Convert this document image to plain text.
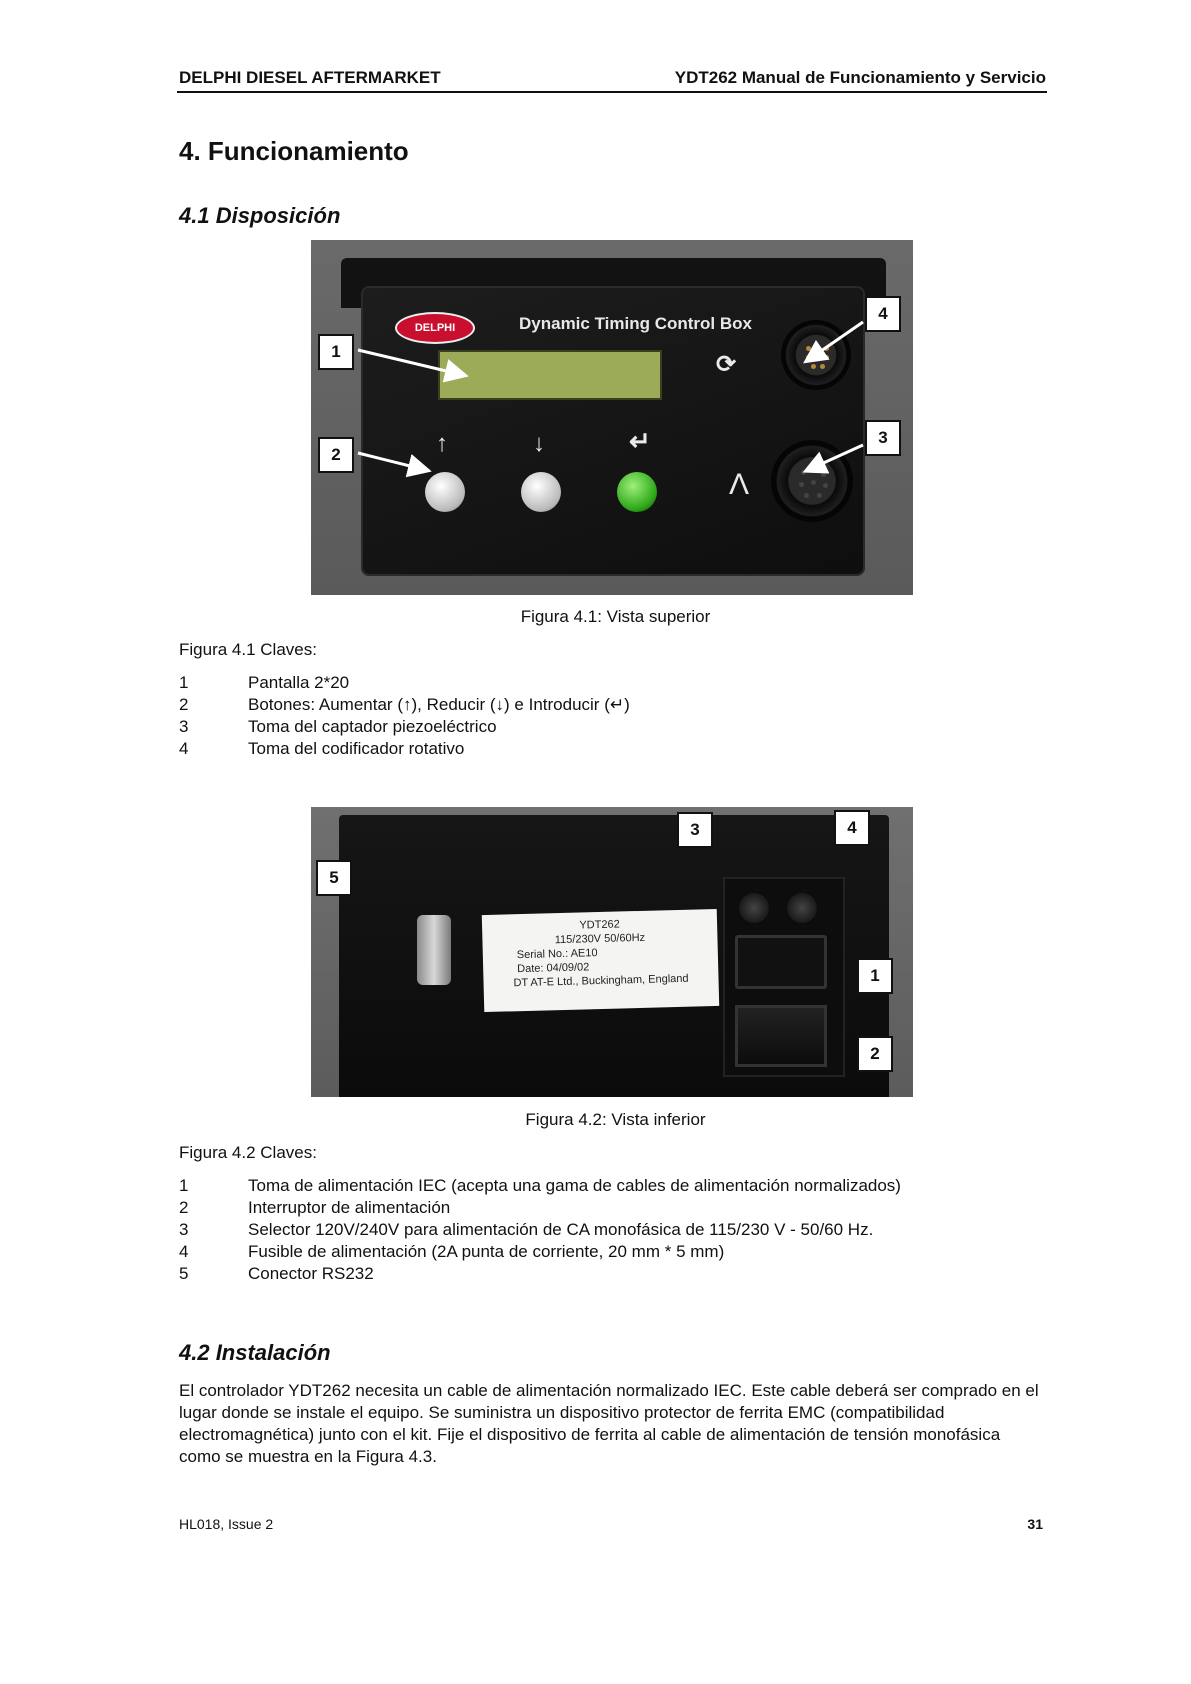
DELPHI DIESEL AFTERMARKET	YDT262 Manual de Funcionamiento y Servicio
4. Funcionamiento
4.1 Disposición
DELPHI	Dynamic Timing Control Box
↑	↓	↵
⟳
Λ
1
2
3
4
Figura 4.1: Vista superior
Figura 4.1 Claves:
1	Pantalla 2*20
2	Botones: Aumentar (↑), Reducir (↓) e Introducir (↵)
3	Toma del captador piezoeléctrico
4	Toma del codificador rotativo
YDT262
115/230V 50/60Hz
Serial No.: AE10
Date: 04/09/02
DT AT-E Ltd., Buckingham, England	1
2
3	4
5
Figura 4.2: Vista inferior
Figura 4.2 Claves:
1	Toma de alimentación IEC (acepta una gama de cables de alimentación normalizados)
2	Interruptor de alimentación
3	Selector 120V/240V para alimentación de CA monofásica de 115/230 V - 50/60 Hz.
4	Fusible de alimentación (2A punta de corriente, 20 mm * 5 mm)
5	Conector RS232
4.2 Instalación
El controlador YDT262 necesita un cable de alimentación normalizado IEC. Este cable deberá ser comprado en el lugar donde se instale el equipo. Se suministra un dispositivo protector de ferrita EMC (compatibilidad electromagnética) junto con el kit. Fije el dispositivo de ferrita al cable de alimentación de tensión monofásica como se muestra en la Figura 4.3.
HL018, Issue 2	31
